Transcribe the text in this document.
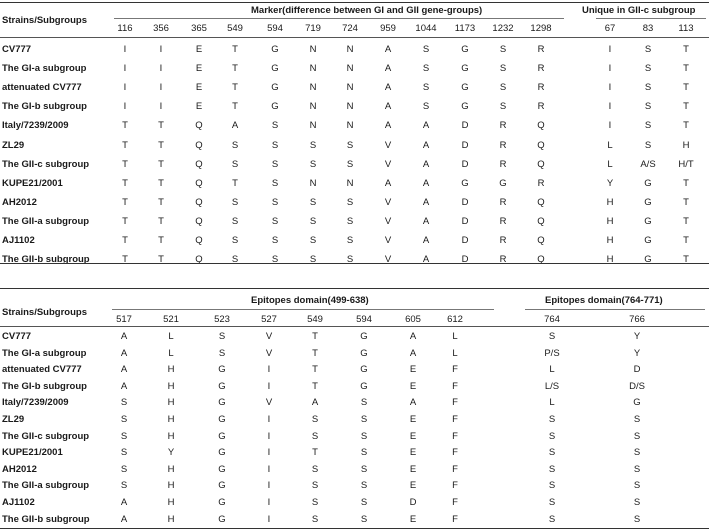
Strains/Subgroups
Marker(difference between GI and GII gene-groups)	Unique in GII-c subgroup
116 356 365 549	594 719 724 959 1044 1173 1232 1298	67	83	113
CV777	I	I	E	T	G	N	N	A	S	G	S	R	I	S	T
The GI-a subgroup	I	I	E	T	G	N	N	A	S	G	S	R	I	S	T
attenuated CV777	I	I	E	T	G	N	N	A	S	G	S	R	I	S	T
The GI-b subgroup	I	I	E	T	G	N	N	A	S	G	S	R	I	S	T
Italy/7239/2009	T	T	Q	A	S	N	N	A	A	D	R	Q	I	S	T
ZL29	T	T	Q	S	S	S	S	V	A	D	R	Q	L	S	H
The GII-c subgroup	T	T	Q	S	S	S	S	V	A	D	R	Q	L	A/S H/T
KUPE21/2001	T	T	Q	T	S	N	N	A	A	G	G	R	Y	G	T
AH2012	T	T	Q	S	S	S	S	V	A	D	R	Q	H	G	T
The GII-a subgroup	T	T	Q	S	S	S	S	V	A	D	R	Q	H	G	T
AJ1102	T	T	Q	S	S	S	S	V	A	D	R	Q	H	G	T
The GII-b subgroup	T	T	Q	S	S	S	S	V	A	D	R	Q	H	G	T
Strains/Subgroups
Epitopes domain(499-638)	Epitopes domain(764-771)
517	521	523	527	549	594	605	612	764	766
CV777	A	L	S	V	T	G	A	L	S	Y
The GI-a subgroup	A	L	S	V	T	G	A	L	P/S	Y
attenuated CV777	A	H	G	I	T	G	E	F	L	D
The GI-b subgroup	A	H	G	I	T	G	E	F	L/S	D/S
Italy/7239/2009	S	H	G	V	A	S	A	F	L	G
ZL29	S	H	G	I	S	S	E	F	S	S
The GII-c subgroup	S	H	G	I	S	S	E	F	S	S
KUPE21/2001	S	Y	G	I	T	S	E	F	S	S
AH2012	S	H	G	I	S	S	E	F	S	S
The GII-a subgroup	S	H	G	I	S	S	E	F	S	S
AJ1102	A	H	G	I	S	S	D	F	S	S
The GII-b subgroup	A	H	G	I	S	S	E	F	S	S
